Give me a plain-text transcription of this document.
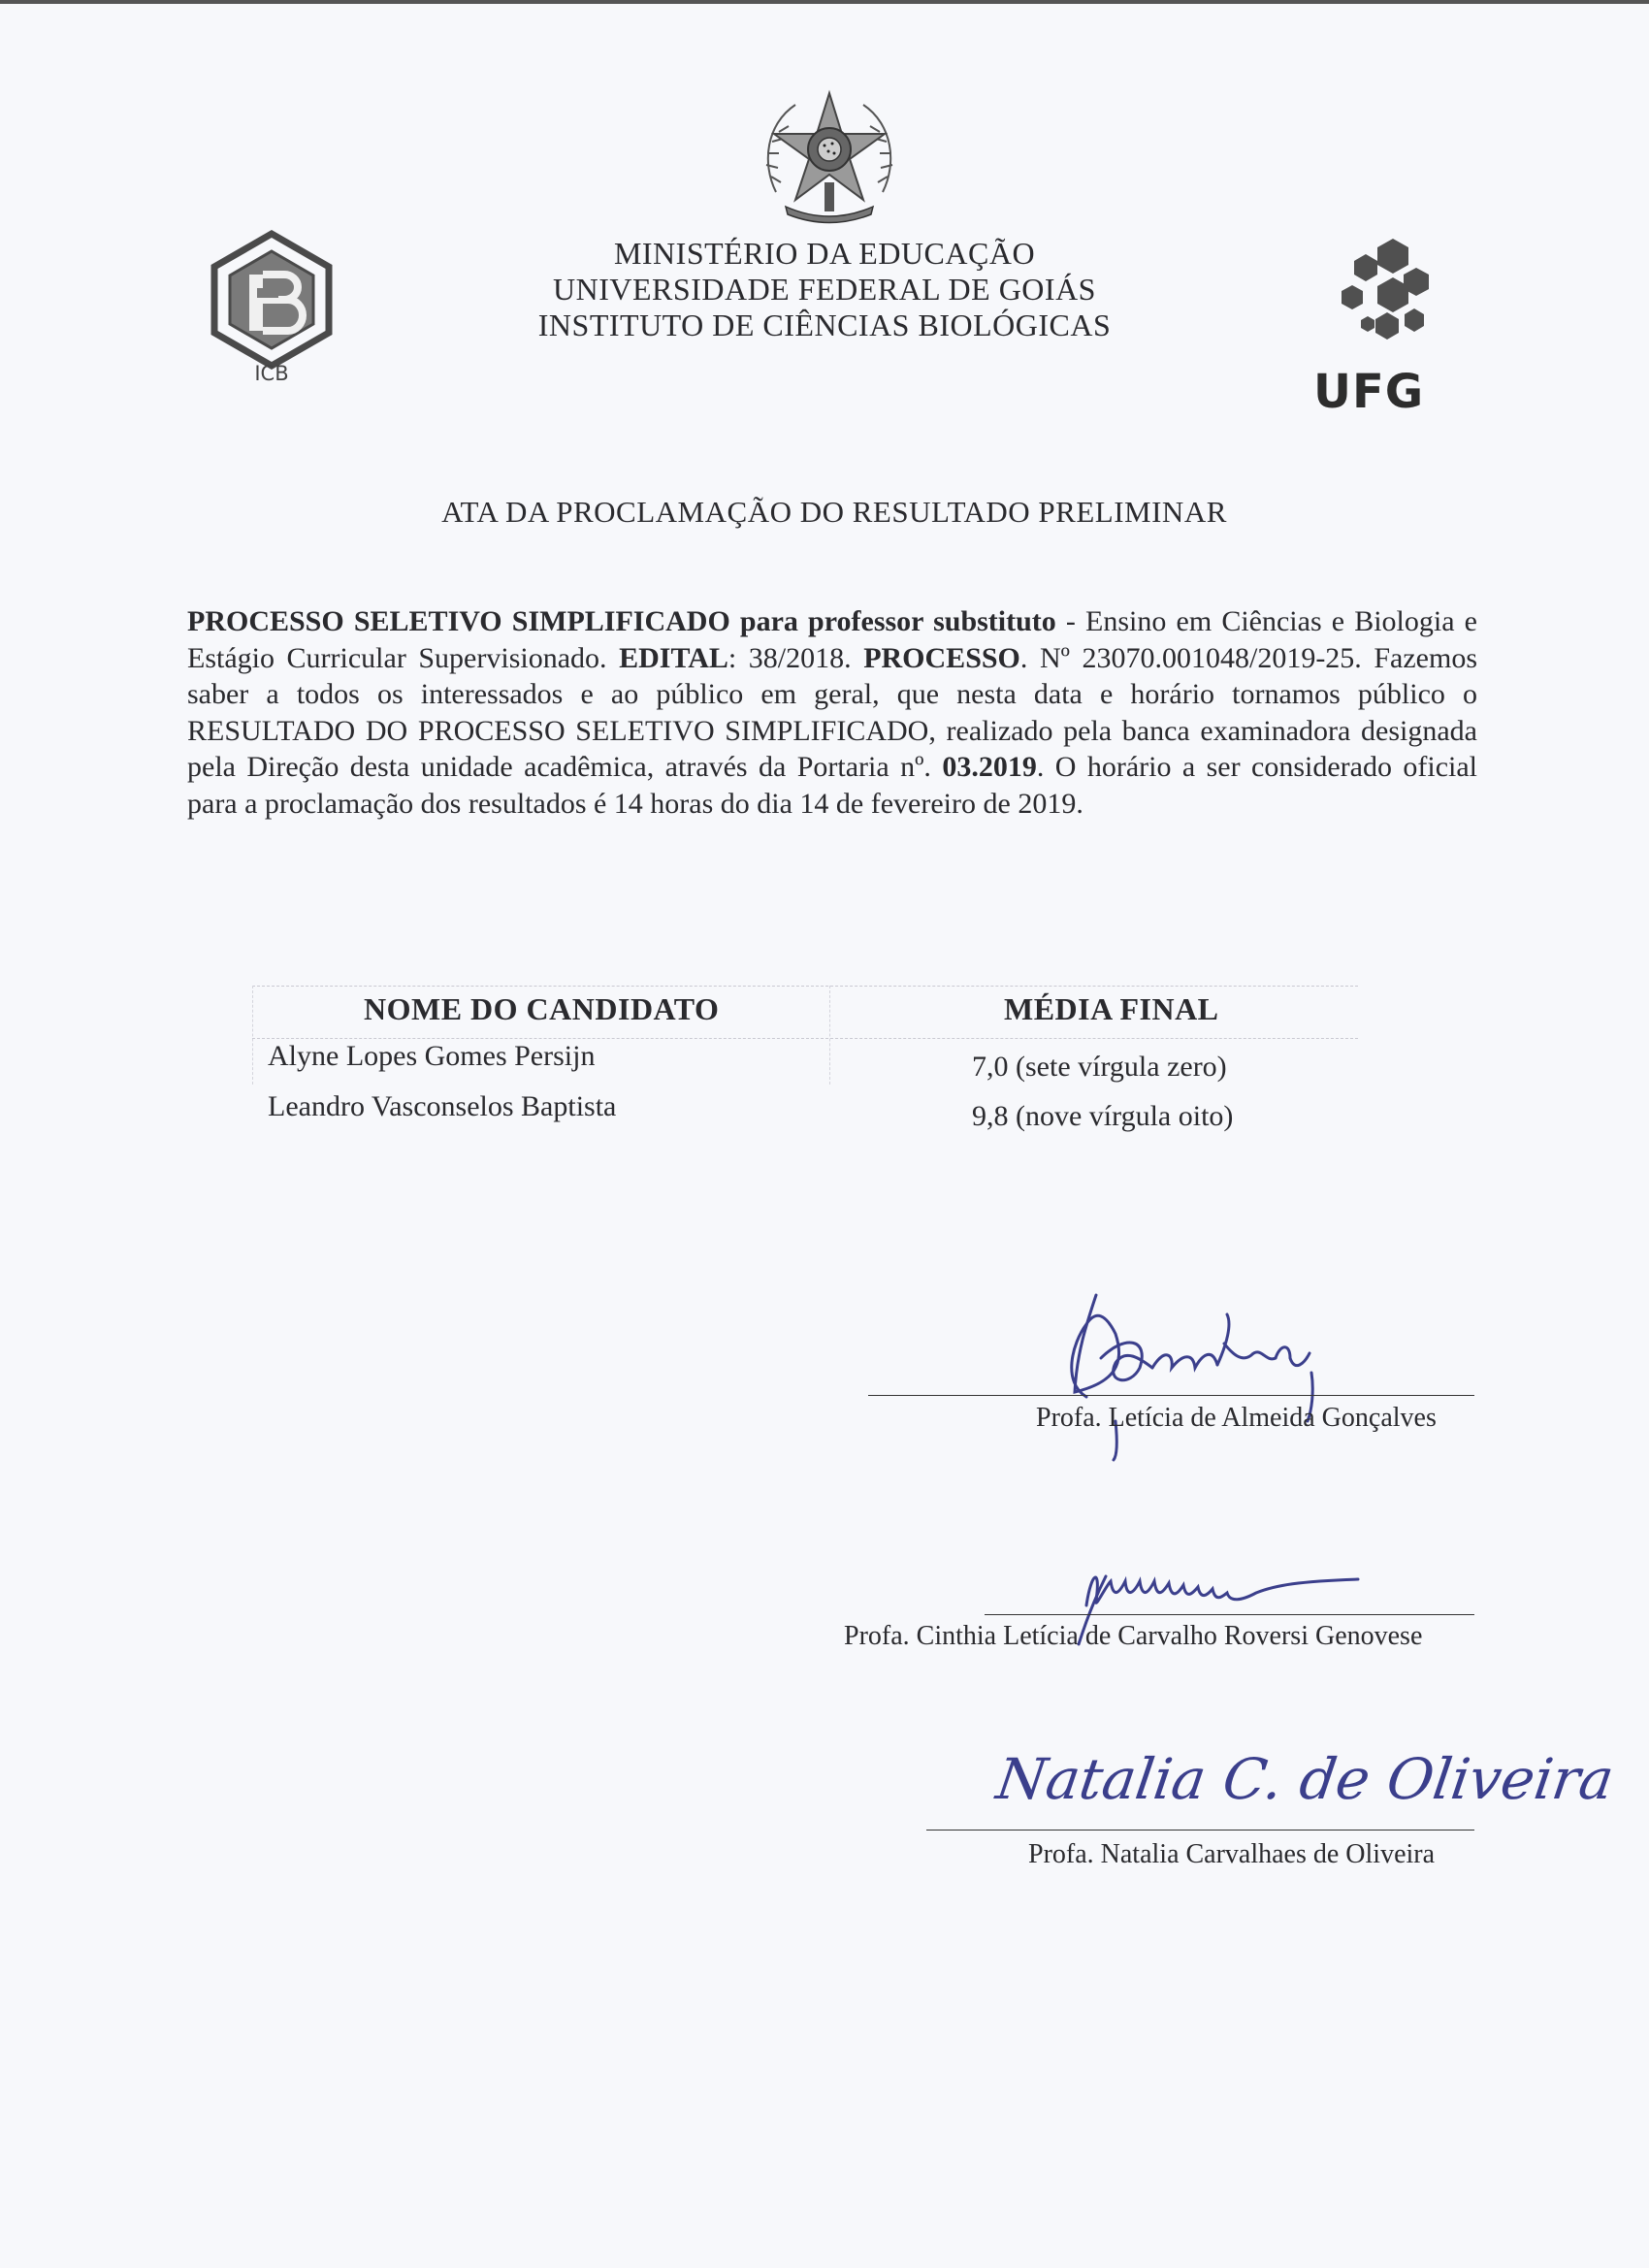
ICB
MINISTÉRIO DA EDUCAÇÃO
UNIVERSIDADE FEDERAL DE GOIÁS
INSTITUTO DE CIÊNCIAS BIOLÓGICAS
UFG
ATA DA PROCLAMAÇÃO DO RESULTADO PRELIMINAR
PROCESSO SELETIVO SIMPLIFICADO para professor substituto - Ensino em Ciências e Biologia e Estágio Curricular Supervisionado. EDITAL: 38/2018. PROCESSO. Nº 23070.001048/2019-25. Fazemos saber a todos os interessados e ao público em geral, que nesta data e horário tornamos público o RESULTADO DO PROCESSO SELETIVO SIMPLIFICADO, realizado pela banca examinadora designada pela Direção desta unidade acadêmica, através da Portaria nº. 03.2019. O horário a ser considerado oficial para a proclamação dos resultados é 14 horas do dia 14 de fevereiro de 2019.
NOME DO CANDIDATO	MÉDIA FINAL
Alyne Lopes Gomes Persijn	7,0 (sete vírgula zero)
Leandro Vasconselos Baptista	9,8 (nove vírgula oito)
Profa. Letícia de Almeida Gonçalves
Profa. Cinthia Letícia de Carvalho Roversi Genovese
Natalia C. de Oliveira
Profa. Natalia Carvalhaes de Oliveira
